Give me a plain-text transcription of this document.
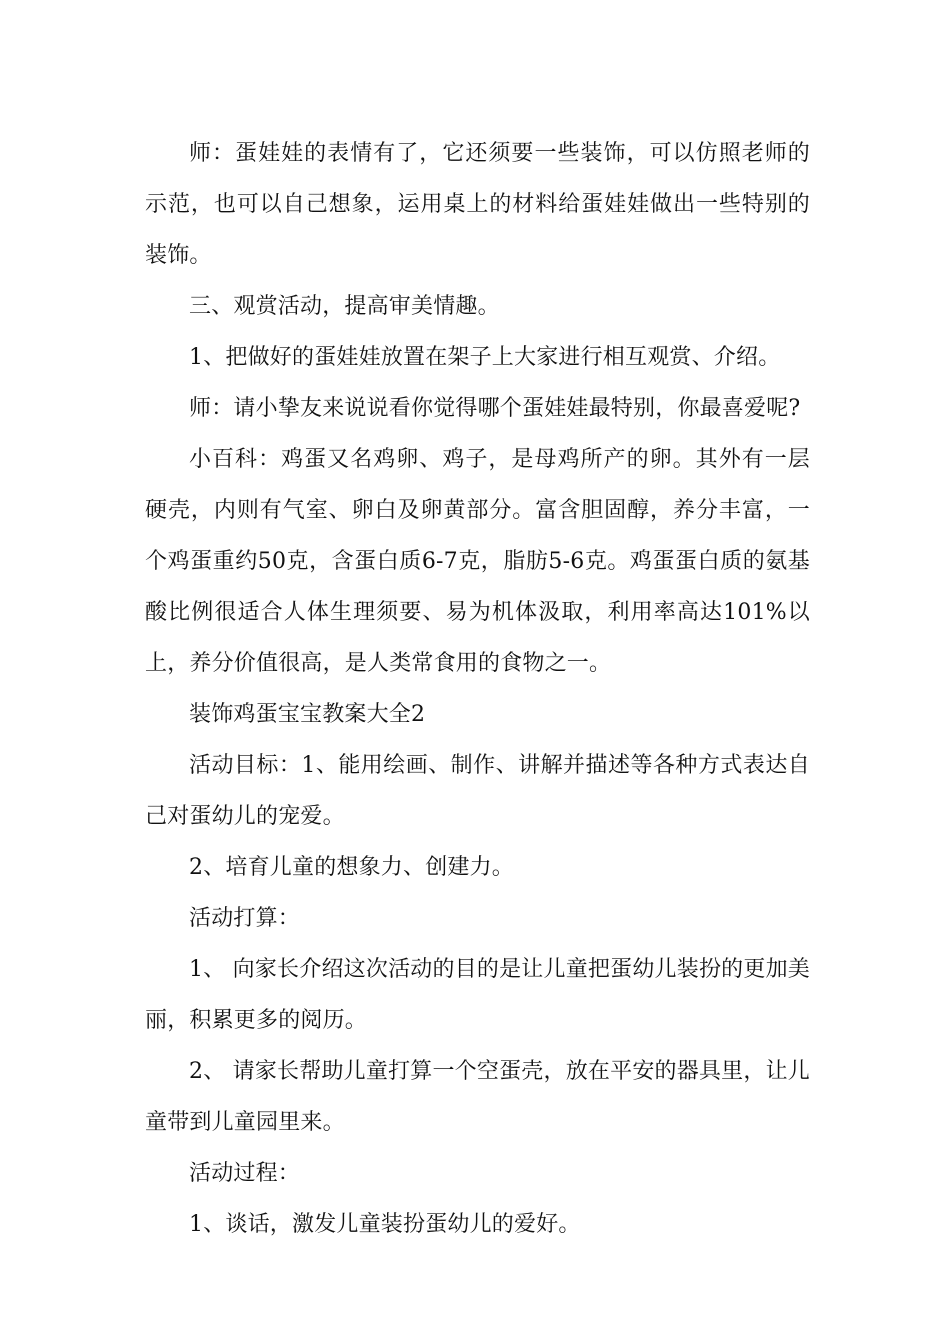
师：蛋娃娃的表情有了，它还须要一些装饰，可以仿照老师的示范，也可以自己想象，运用桌上的材料给蛋娃娃做出一些特别的装饰。

三、观赏活动，提高审美情趣。

1、把做好的蛋娃娃放置在架子上大家进行相互观赏、介绍。

师：请小挚友来说说看你觉得哪个蛋娃娃最特别，你最喜爱呢?

小百科：鸡蛋又名鸡卵、鸡子，是母鸡所产的卵。其外有一层硬壳，内则有气室、卵白及卵黄部分。富含胆固醇，养分丰富，一个鸡蛋重约50克，含蛋白质6-7克，脂肪5-6克。鸡蛋蛋白质的氨基酸比例很适合人体生理须要、易为机体汲取，利用率高达101%以上，养分价值很高，是人类常食用的食物之一。

装饰鸡蛋宝宝教案大全2

活动目标：1、能用绘画、制作、讲解并描述等各种方式表达自己对蛋幼儿的宠爱。

2、培育儿童的想象力、创建力。

活动打算：

1、 向家长介绍这次活动的目的是让儿童把蛋幼儿装扮的更加美丽，积累更多的阅历。

2、 请家长帮助儿童打算一个空蛋壳，放在平安的器具里，让儿童带到儿童园里来。

活动过程：

1、谈话，激发儿童装扮蛋幼儿的爱好。
